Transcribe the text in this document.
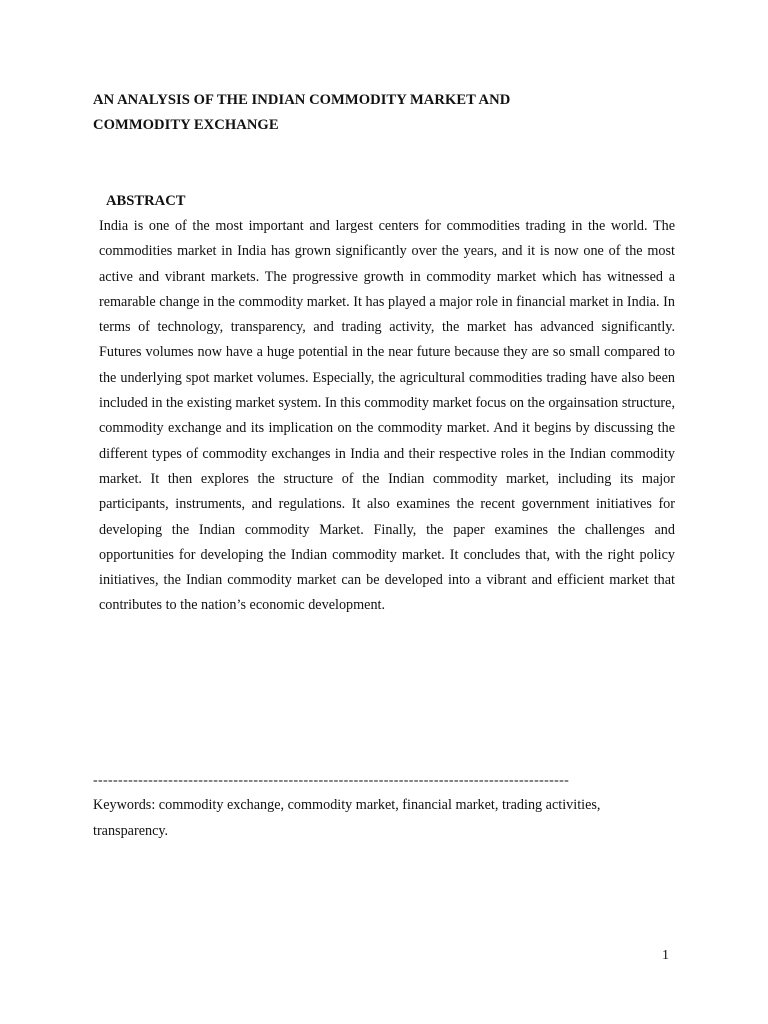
AN ANALYSIS OF THE INDIAN COMMODITY MARKET AND
COMMODITY EXCHANGE
ABSTRACT

India is one of the most important and largest centers for commodities trading in the world. The commodities market in India has grown significantly over the years, and it is now one of the most active and vibrant markets. The progressive growth in commodity market which has witnessed a remarable change in the commodity market. It has played a major role in financial market in India. In terms of technology, transparency, and trading activity, the market has advanced significantly. Futures volumes now have a huge potential in the near future because they are so small compared to the underlying spot market volumes. Especially, the agricultural commodities trading have also been included in the existing market system. In this commodity market focus on the orgainsation structure, commodity exchange and its implication on the commodity market. And it begins by discussing the different types of commodity exchanges in India and their respective roles in the Indian commodity market. It then explores the structure of the Indian commodity market, including its major participants, instruments, and regulations. It also examines the recent government initiatives for developing the Indian commodity Market. Finally, the paper examines the challenges and opportunities for developing the Indian commodity market. It concludes that, with the right policy initiatives, the Indian commodity market can be developed into a vibrant and efficient market that contributes to the nation’s economic development.

-----------------------------------------------------------------------------------------------

Keywords: commodity exchange, commodity market, financial market, trading activities, transparency.

1
